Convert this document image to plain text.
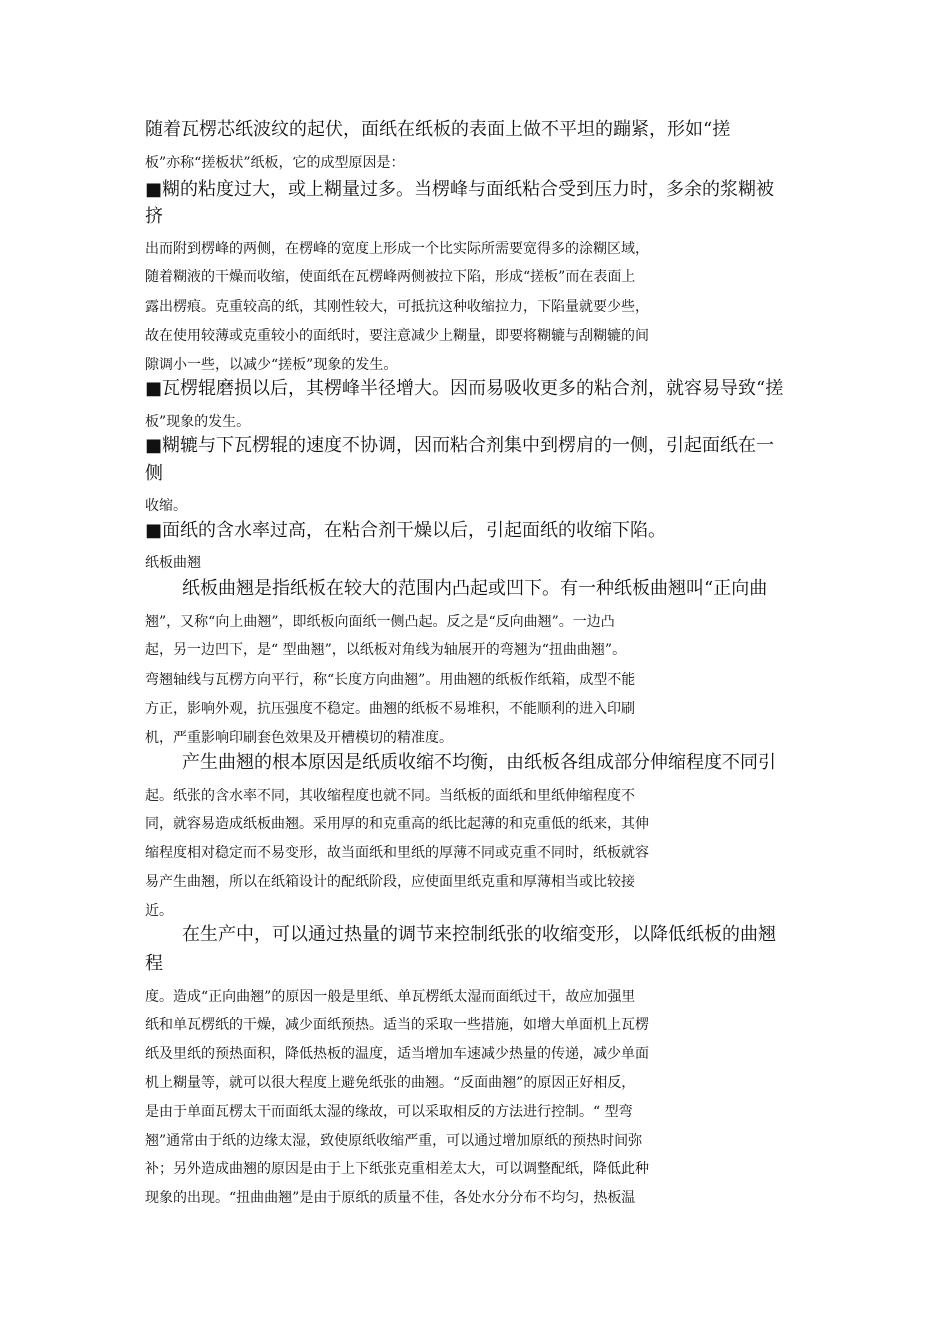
随着瓦楞芯纸波纹的起伏，面纸在纸板的表面上做不平坦的蹦紧，形如“搓
板”亦称“搓板状”纸板，它的成型原因是：
■糊的粘度过大，或上糊量过多。当楞峰与面纸粘合受到压力时，多余的浆糊被
挤
出而附到楞峰的两侧，在楞峰的宽度上形成一个比实际所需要宽得多的涂糊区域，
随着糊液的干燥而收缩，使面纸在瓦楞峰两侧被拉下陷，形成“搓板”而在表面上
露出楞痕。克重较高的纸，其刚性较大，可抵抗这种收缩拉力，下陷量就要少些，
故在使用较薄或克重较小的面纸时，要注意减少上糊量，即要将糊辘与刮糊辘的间
隙调小一些，以减少“搓板”现象的发生。
■瓦楞辊磨损以后，其楞峰半径增大。因而易吸收更多的粘合剂，就容易导致“搓
板”现象的发生。
■糊辘与下瓦楞辊的速度不协调，因而粘合剂集中到楞肩的一侧，引起面纸在一
侧
收缩。
■面纸的含水率过高，在粘合剂干燥以后，引起面纸的收缩下陷。
纸板曲翘
纸板曲翘是指纸板在较大的范围内凸起或凹下。有一种纸板曲翘叫“正向曲
翘”，又称“向上曲翘”，即纸板向面纸一侧凸起。反之是“反向曲翘”。一边凸
起，另一边凹下，是“ 型曲翘”，以纸板对角线为轴展开的弯翘为“扭曲曲翘”。
弯翘轴线与瓦楞方向平行，称“长度方向曲翘”。用曲翘的纸板作纸箱，成型不能
方正，影响外观，抗压强度不稳定。曲翘的纸板不易堆积，不能顺利的进入印刷
机，严重影响印刷套色效果及开槽模切的精准度。
产生曲翘的根本原因是纸质收缩不均衡，由纸板各组成部分伸缩程度不同引
起。纸张的含水率不同，其收缩程度也就不同。当纸板的面纸和里纸伸缩程度不
同，就容易造成纸板曲翘。采用厚的和克重高的纸比起薄的和克重低的纸来，其伸
缩程度相对稳定而不易变形，故当面纸和里纸的厚薄不同或克重不同时，纸板就容
易产生曲翘，所以在纸箱设计的配纸阶段，应使面里纸克重和厚薄相当或比较接
近。
在生产中，可以通过热量的调节来控制纸张的收缩变形，以降低纸板的曲翘
程
度。造成“正向曲翘”的原因一般是里纸、单瓦楞纸太湿而面纸过干，故应加强里
纸和单瓦楞纸的干燥，减少面纸预热。适当的采取一些措施，如增大单面机上瓦楞
纸及里纸的预热面积，降低热板的温度，适当增加车速减少热量的传递，减少单面
机上糊量等，就可以很大程度上避免纸张的曲翘。“反面曲翘”的原因正好相反，
是由于单面瓦楞太干而面纸太湿的缘故，可以采取相反的方法进行控制。“ 型弯
翘”通常由于纸的边缘太湿，致使原纸收缩严重，可以通过增加原纸的预热时间弥
补；另外造成曲翘的原因是由于上下纸张克重相差太大，可以调整配纸，降低此种
现象的出现。“扭曲曲翘”是由于原纸的质量不佳，各处水分分布不均匀，热板温
